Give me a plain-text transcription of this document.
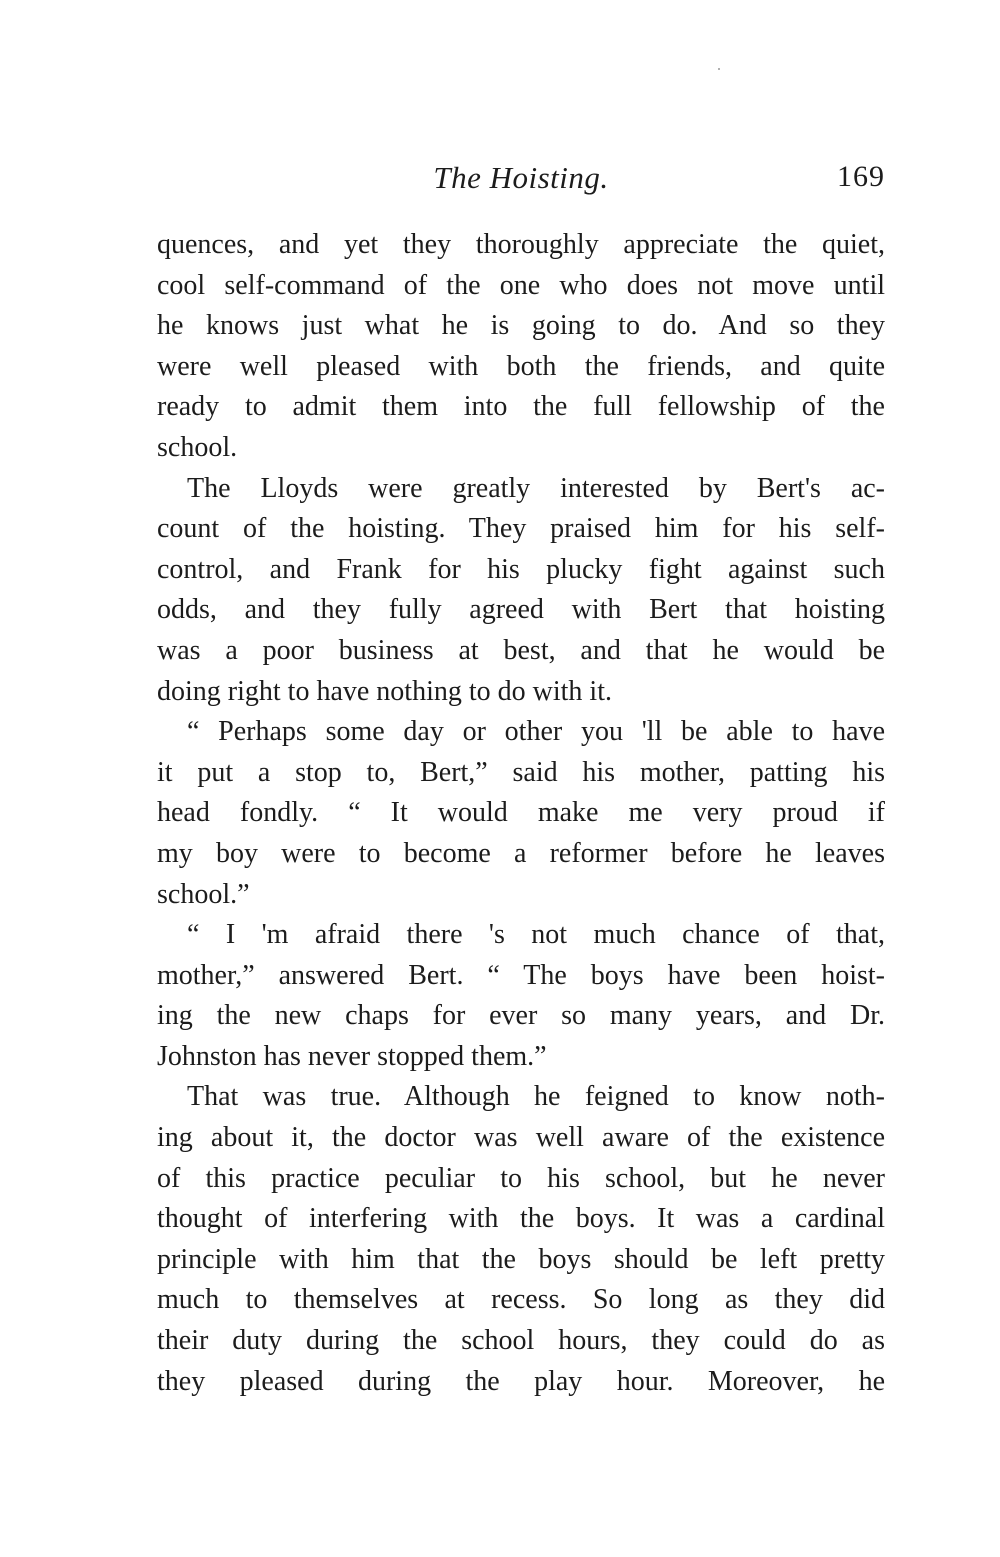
The Hoisting.	169
quences, and yet they thoroughly appreciate the quiet,
cool self-command of the one who does not move until
he knows just what he is going to do. And so they
were well pleased with both the friends, and quite
ready to admit them into the full fellowship of the
school.
The Lloyds were greatly interested by Bert's ac-
count of the hoisting. They praised him for his self-
control, and Frank for his plucky fight against such
odds, and they fully agreed with Bert that hoisting
was a poor business at best, and that he would be
doing right to have nothing to do with it.
“ Perhaps some day or other you 'll be able to have
it put a stop to, Bert,” said his mother, patting his
head fondly. “ It would make me very proud if
my boy were to become a reformer before he leaves
school.”
“ I 'm afraid there 's not much chance of that,
mother,” answered Bert. “ The boys have been hoist-
ing the new chaps for ever so many years, and Dr.
Johnston has never stopped them.”
That was true. Although he feigned to know noth-
ing about it, the doctor was well aware of the existence
of this practice peculiar to his school, but he never
thought of interfering with the boys. It was a cardinal
principle with him that the boys should be left pretty
much to themselves at recess. So long as they did
their duty during the school hours, they could do as
they pleased during the play hour. Moreover, he
